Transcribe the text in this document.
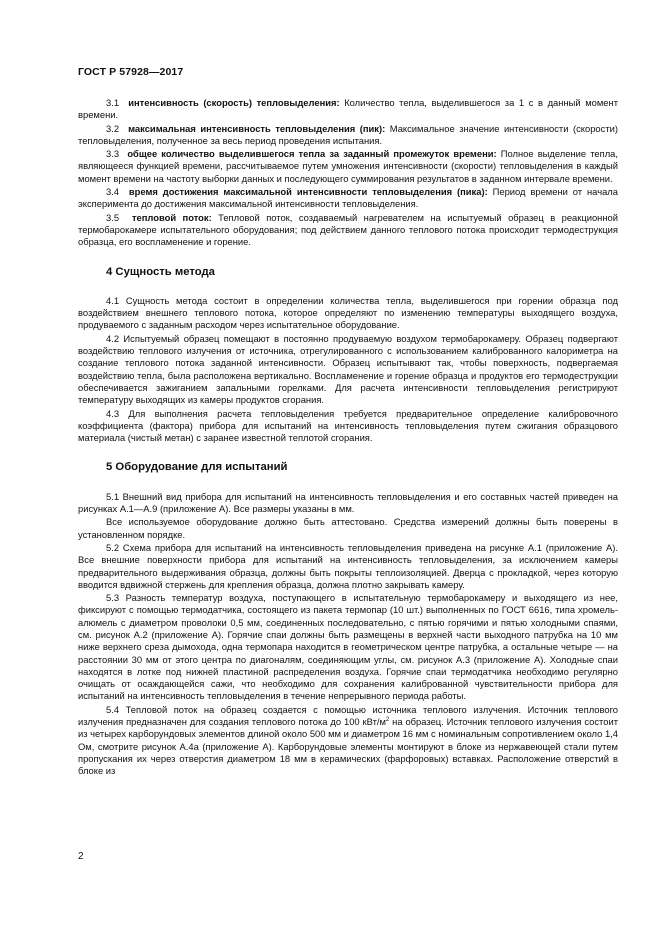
ГОСТ Р 57928—2017

3.1 интенсивность (скорость) тепловыделения: Количество тепла, выделившегося за 1 с в данный момент времени.

3.2 максимальная интенсивность тепловыделения (пик): Максимальное значение интенсивности (скорости) тепловыделения, полученное за весь период проведения испытания.

3.3 общее количество выделившегося тепла за заданный промежуток времени: Полное выделение тепла, являющееся функцией времени, рассчитываемое путем умножения интенсивности (скорости) тепловыделения в каждый момент времени на частоту выборки данных и последующего суммирования результатов в заданном интервале времени.

3.4 время достижения максимальной интенсивности тепловыделения (пика): Период времени от начала эксперимента до достижения максимальной интенсивности тепловыделения.

3.5 тепловой поток: Тепловой поток, создаваемый нагревателем на испытуемый образец в реакционной термобарокамере испытательного оборудования; под действием данного теплового потока происходит термодеструкция образца, его воспламенение и горение.

4 Сущность метода

4.1 Сущность метода состоит в определении количества тепла, выделившегося при горении образца под воздействием внешнего теплового потока, которое определяют по изменению температуры выходящего воздуха, продуваемого с заданным расходом через испытательное оборудование.

4.2 Испытуемый образец помещают в постоянно продуваемую воздухом термобарокамеру. Образец подвергают воздействию теплового излучения от источника, отрегулированного с использованием калиброванного калориметра на создание теплового потока заданной интенсивности. Образец испытывают так, чтобы поверхность, подвергаемая воздействию тепла, была расположена вертикально. Воспламенение и горение образца и продуктов его термодеструкции обеспечивается зажиганием запальными горелками. Для расчета интенсивности тепловыделения регистрируют температуру выходящих из камеры продуктов сгорания.

4.3 Для выполнения расчета тепловыделения требуется предварительное определение калибровочного коэффициента (фактора) прибора для испытаний на интенсивность тепловыделения путем сжигания образцового материала (чистый метан) с заранее известной теплотой сгорания.

5 Оборудование для испытаний

5.1 Внешний вид прибора для испытаний на интенсивность тепловыделения и его составных частей приведен на рисунках А.1—А.9 (приложение А). Все размеры указаны в мм.

Все используемое оборудование должно быть аттестовано. Средства измерений должны быть поверены в установленном порядке.

5.2 Схема прибора для испытаний на интенсивность тепловыделения приведена на рисунке А.1 (приложение А). Все внешние поверхности прибора для испытаний на интенсивность тепловыделения, за исключением камеры предварительного выдерживания образца, должны быть покрыты теплоизоляцией. Дверца с прокладкой, через которую вводится вдвижной стержень для крепления образца, должна плотно закрывать камеру.

5.3 Разность температур воздуха, поступающего в испытательную термобарокамеру и выходящего из нее, фиксируют с помощью термодатчика, состоящего из пакета термопар (10 шт.) выполненных по ГОСТ 6616, типа хромель-алюмель с диаметром проволоки 0,5 мм, соединенных последовательно, с пятью горячими и пятью холодными спаями, см. рисунок А.2 (приложение А). Горячие спаи должны быть размещены в верхней части выходного патрубка на 10 мм ниже верхнего среза дымохода, одна термопара находится в геометрическом центре патрубка, а остальные четыре — на расстоянии 30 мм от этого центра по диагоналям, соединяющим углы, см. рисунок А.3 (приложение А). Холодные спаи находятся в лотке под нижней пластиной распределения воздуха. Горячие спаи термодатчика необходимо регулярно очищать от осаждающейся сажи, что необходимо для сохранения калиброванной чувствительности прибора для испытаний на интенсивность тепловыделения в течение непрерывного периода работы.

5.4 Тепловой поток на образец создается с помощью источника теплового излучения. Источник теплового излучения предназначен для создания теплового потока до 100 кВт/$м^2$ на образец. Источник теплового излучения состоит из четырех карборундовых элементов длиной около 500 мм и диаметром 16 мм с номинальным сопротивлением около 1,4 Ом, смотрите рисунок А.4а (приложение А). Карборундовые элементы монтируют в блоке из нержавеющей стали путем пропускания их через отверстия диаметром 18 мм в керамических (фарфоровых) вставках. Расположение отверстий в блоке из

2
